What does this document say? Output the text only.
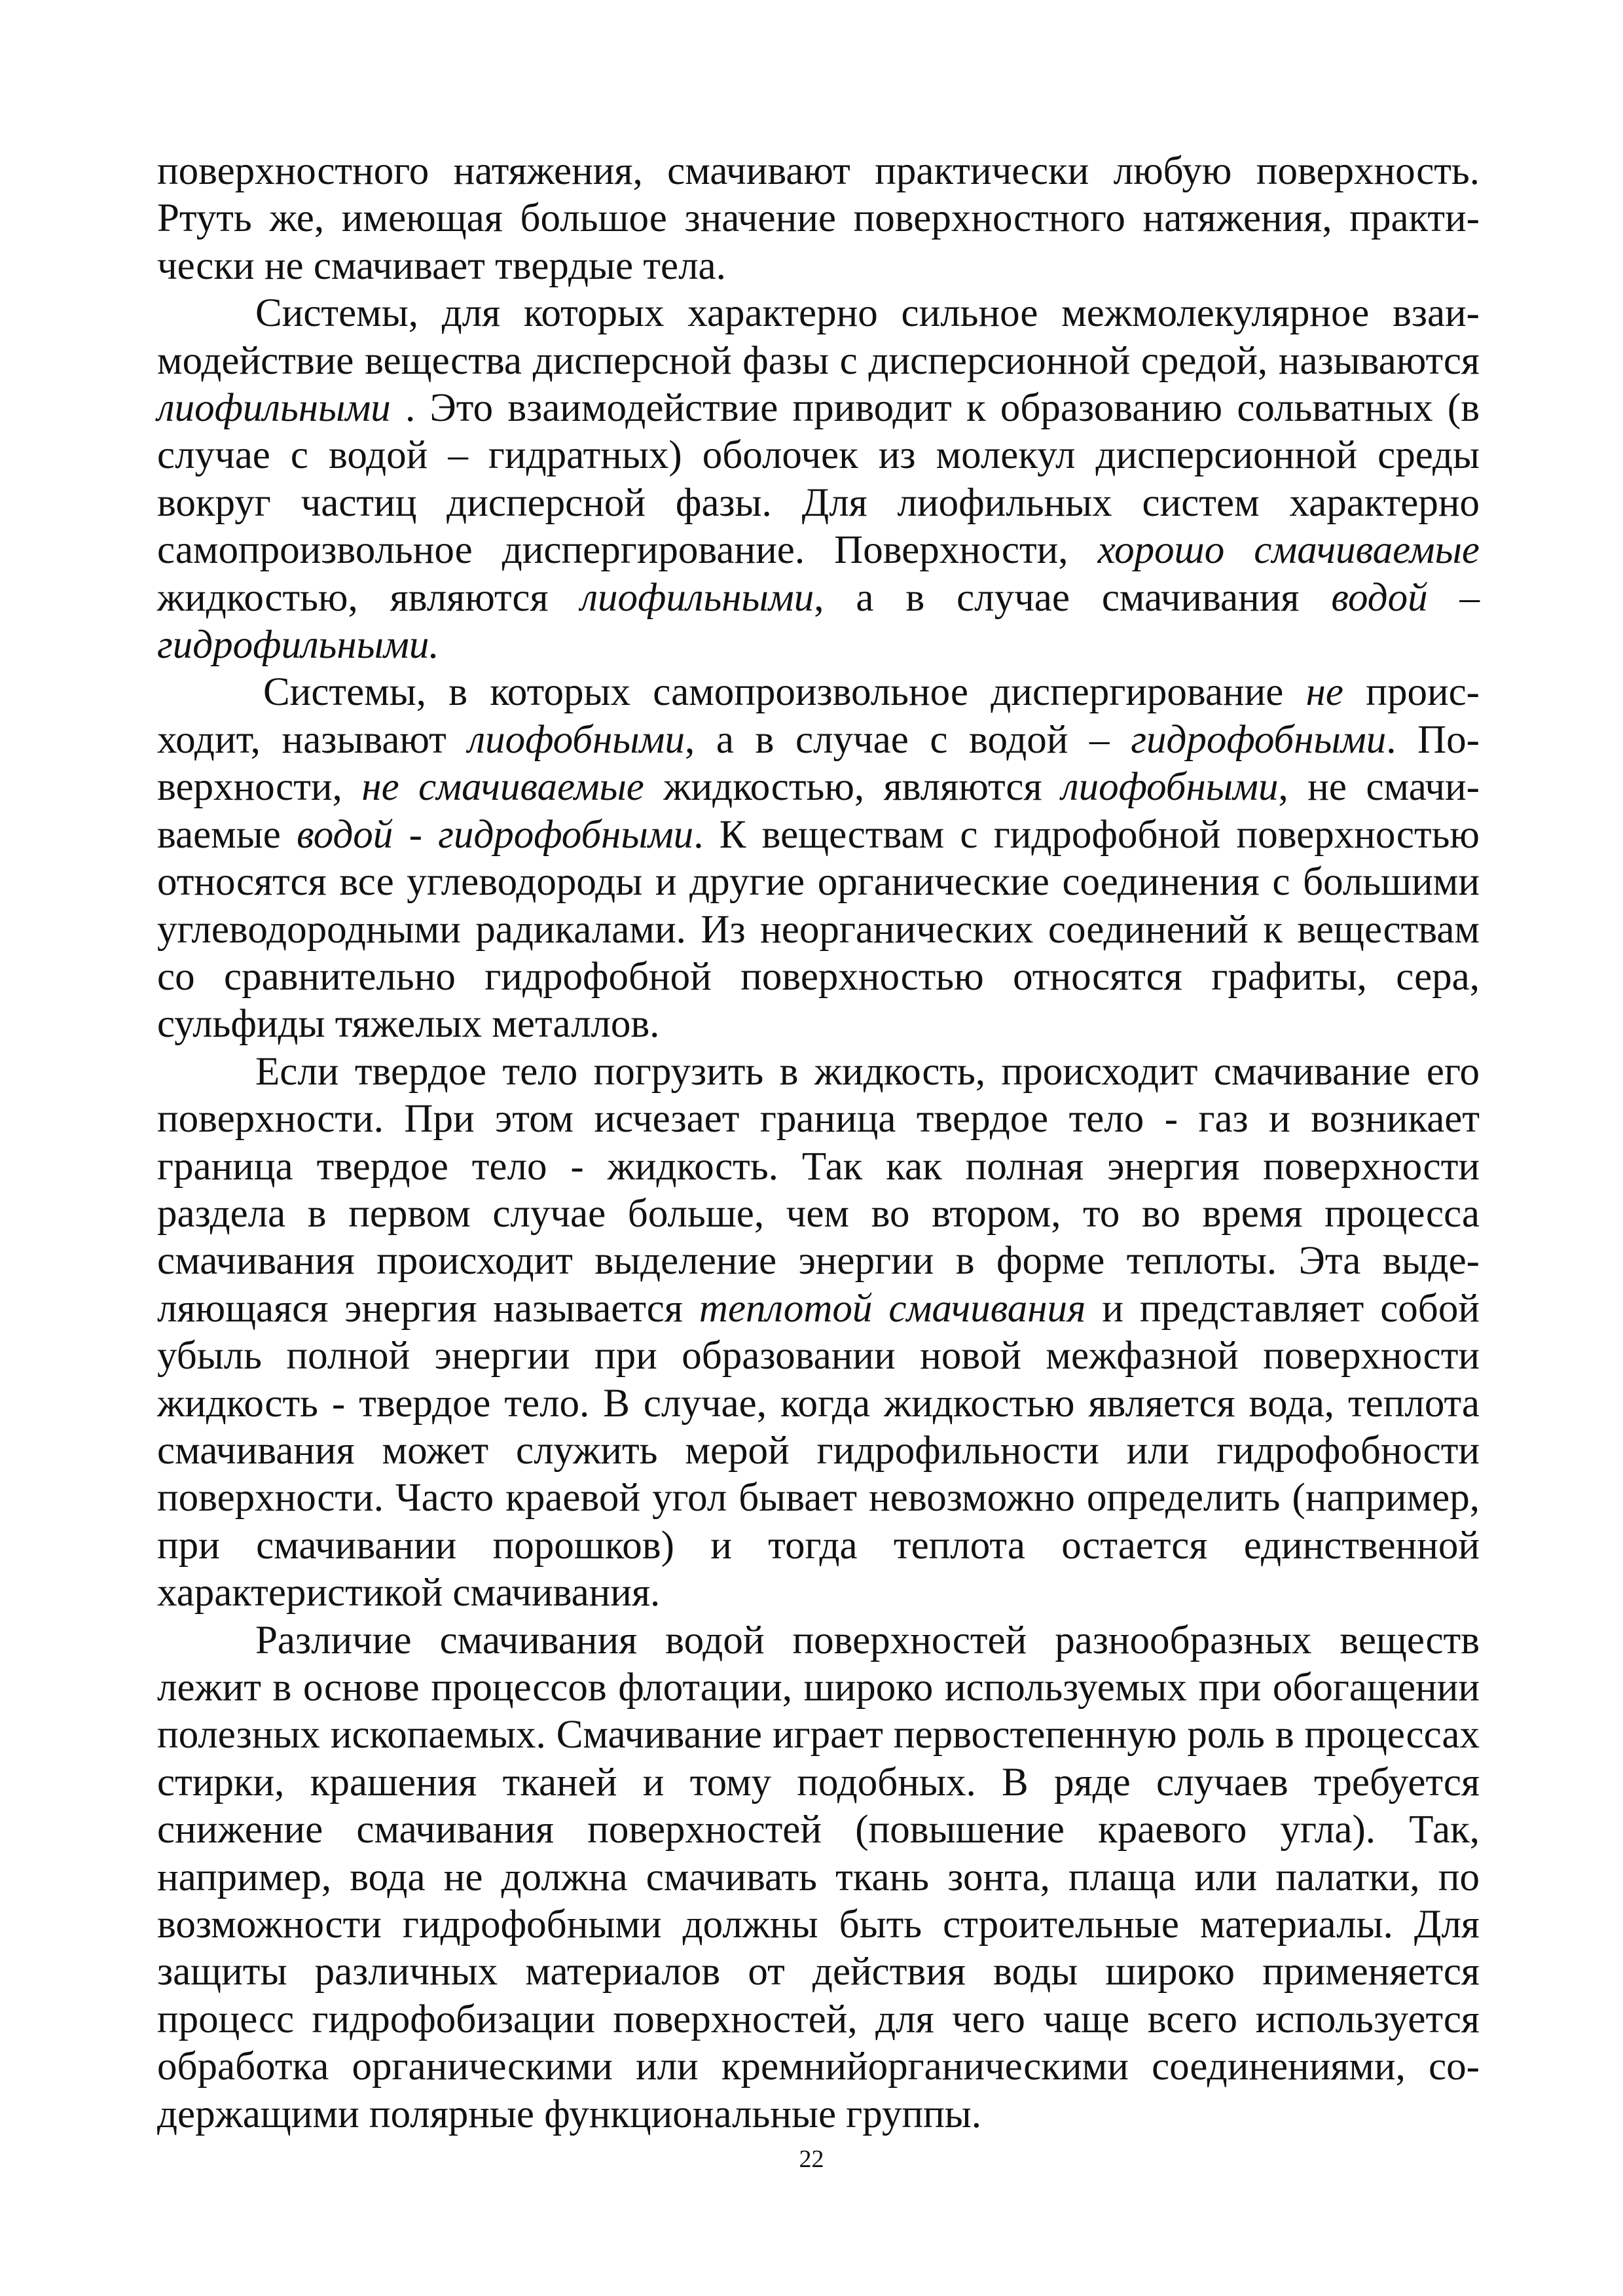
поверхностного натяжения, смачивают практически любую поверхность. Ртуть же, имеющая большое значение поверхностного натяжения, практически не смачивает твердые тела.

Системы, для которых характерно сильное межмолекулярное взаимодействие вещества дисперсной фазы с дисперсионной средой, называются лиофильными . Это взаимодействие приводит к образованию сольватных (в случае с водой – гидратных) оболочек из молекул дисперсионной среды вокруг частиц дисперсной фазы. Для лиофильных систем характерно самопроизвольное диспергирование. Поверхности, хорошо смачиваемые жидкостью, являются лиофильными, а в случае смачивания водой – гидрофильными.

Системы, в которых самопроизвольное диспергирование не происходит, называют лиофобными, а в случае с водой – гидрофобными. Поверхности, не смачиваемые жидкостью, являются лиофобными, не смачиваемые водой - гидрофобными. К веществам с гидрофобной поверхностью относятся все углеводороды и другие органические соединения с большими углеводородными радикалами. Из неорганических соединений к веществам со сравнительно гидрофобной поверхностью относятся графиты, сера, сульфиды тяжелых металлов.

Если твердое тело погрузить в жидкость, происходит смачивание его поверхности. При этом исчезает граница твердое тело - газ и возникает граница твердое тело - жидкость. Так как полная энергия поверхности раздела в первом случае больше, чем во втором, то во время процесса смачивания происходит выделение энергии в форме теплоты. Эта выделяющаяся энергия называется теплотой смачивания и представляет собой убыль полной энергии при образовании новой межфазной поверхности жидкость - твердое тело. В случае, когда жидкостью является вода, теплота смачивания может служить мерой гидрофильности или гидрофобности поверхности. Часто краевой угол бывает невозможно определить (например, при смачивании порошков) и тогда теплота остается единственной характеристикой смачивания.

Различие смачивания водой поверхностей разнообразных веществ лежит в основе процессов флотации, широко используемых при обогащении полезных ископаемых. Смачивание играет первостепенную роль в процессах стирки, крашения тканей и тому подобных. В ряде случаев требуется снижение смачивания поверхностей (повышение краевого угла). Так, например, вода не должна смачивать ткань зонта, плаща или палатки, по возможности гидрофобными должны быть строительные материалы. Для защиты различных материалов от действия воды широко применяется процесс гидрофобизации поверхностей, для чего чаще всего используется обработка органическими или кремнийорганическими соединениями, содержащими полярные функциональные группы.

22
